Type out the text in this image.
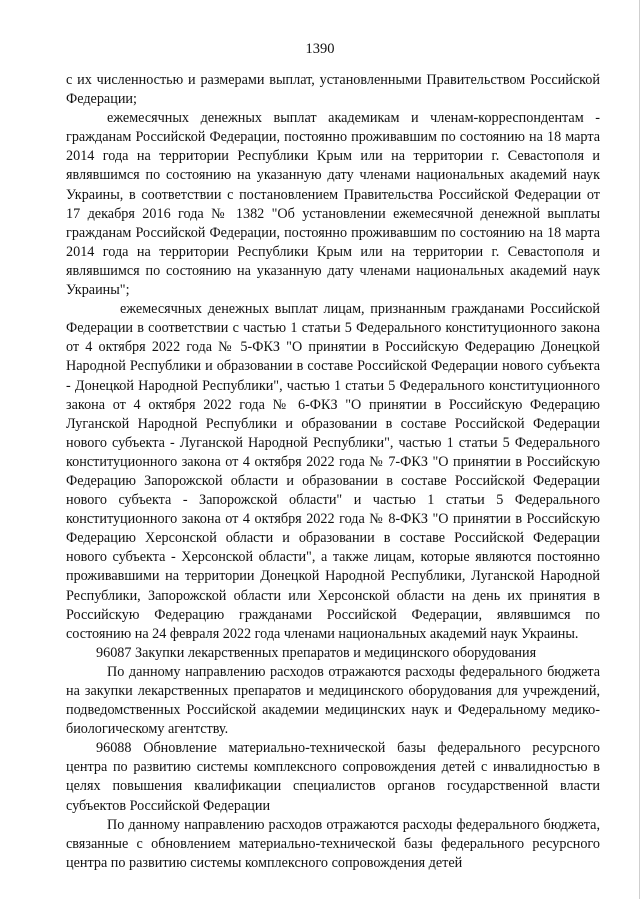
1390

с их численностью и размерами выплат, установленными Правительством Российской Федерации;

ежемесячных денежных выплат академикам и членам-корреспондентам - гражданам Российской Федерации, постоянно проживавшим по состоянию на 18 марта 2014 года на территории Республики Крым или на территории г. Севастополя и являвшимся по состоянию на указанную дату членами национальных академий наук Украины, в соответствии с постановлением Правительства Российской Федерации от 17 декабря 2016 года № 1382 "Об установлении ежемесячной денежной выплаты гражданам Российской Федерации, постоянно проживавшим по состоянию на 18 марта 2014 года на территории Республики Крым или на территории г. Севастополя и являвшимся по состоянию на указанную дату членами национальных академий наук Украины";

ежемесячных денежных выплат лицам, признанным гражданами Российской Федерации в соответствии с частью 1 статьи 5 Федерального конституционного закона от 4 октября 2022 года № 5-ФКЗ "О принятии в Российскую Федерацию Донецкой Народной Республики и образовании в составе Российской Федерации нового субъекта - Донецкой Народной Республики", частью 1 статьи 5 Федерального конституционного закона от 4 октября 2022 года № 6-ФКЗ "О принятии в Российскую Федерацию Луганской Народной Республики и образовании в составе Российской Федерации нового субъекта - Луганской Народной Республики", частью 1 статьи 5 Федерального конституционного закона от 4 октября 2022 года № 7-ФКЗ "О принятии в Российскую Федерацию Запорожской области и образовании в составе Российской Федерации нового субъекта - Запорожской области" и частью 1 статьи 5 Федерального конституционного закона от 4 октября 2022 года № 8-ФКЗ "О принятии в Российскую Федерацию Херсонской области и образовании в составе Российской Федерации нового субъекта - Херсонской области", а также лицам, которые являются постоянно проживавшими на территории Донецкой Народной Республики, Луганской Народной Республики, Запорожской области или Херсонской области на день их принятия в Российскую Федерацию гражданами Российской Федерации, являвшимся по состоянию на 24 февраля 2022 года членами национальных академий наук Украины.

96087 Закупки лекарственных препаратов и медицинского оборудования

По данному направлению расходов отражаются расходы федерального бюджета на закупки лекарственных препаратов и медицинского оборудования для учреждений, подведомственных Российской академии медицинских наук и Федеральному медико-биологическому агентству.

96088 Обновление материально-технической базы федерального ресурсного центра по развитию системы комплексного сопровождения детей с инвалидностью в целях повышения квалификации специалистов органов государственной власти субъектов Российской Федерации

По данному направлению расходов отражаются расходы федерального бюджета, связанные с обновлением материально-технической базы федерального ресурсного центра по развитию системы комплексного сопровождения детей
